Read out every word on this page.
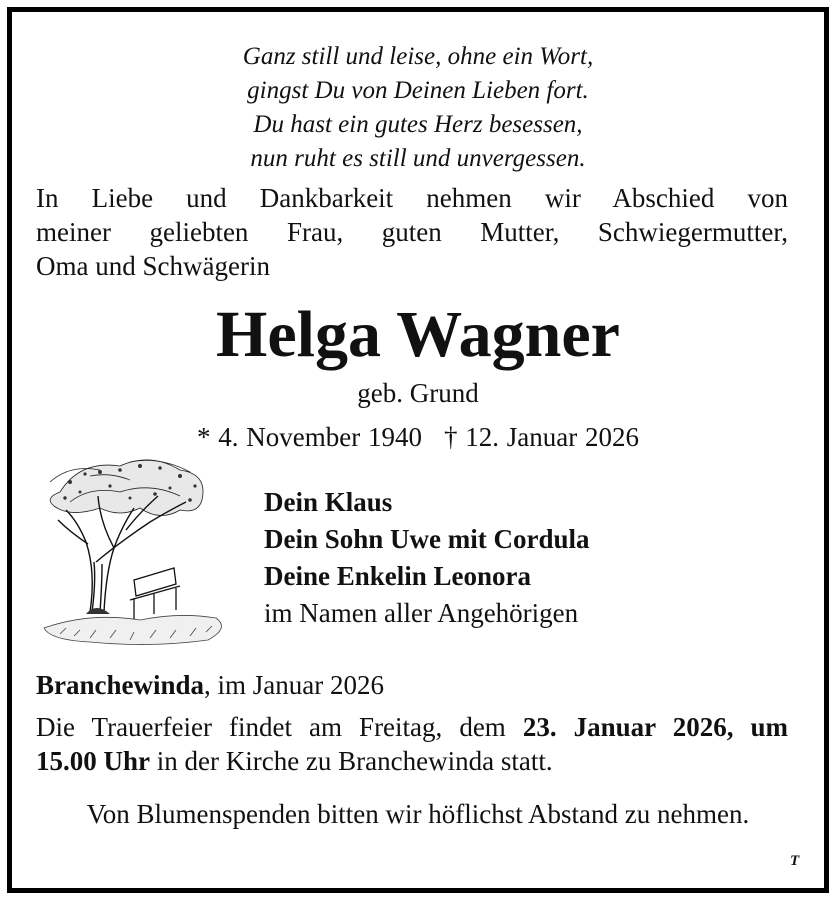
Ganz still und leise, ohne ein Wort,
gingst Du von Deinen Lieben fort.
Du hast ein gutes Herz besessen,
nun ruht es still und unvergessen.
In Liebe und Dankbarkeit nehmen wir Abschied von
meiner geliebten Frau, guten Mutter, Schwiegermutter,
Oma und Schwägerin
Helga Wagner
geb. Grund
* 4. November 1940 † 12. Januar 2026
Dein Klaus
Dein Sohn Uwe mit Cordula
Deine Enkelin Leonora
im Namen aller Angehörigen
Branchewinda, im Januar 2026
Die Trauerfeier findet am Freitag, dem 23. Januar 2026, um
15.00 Uhr in der Kirche zu Branchewinda statt.
Von Blumenspenden bitten wir höflichst Abstand zu nehmen.
T
